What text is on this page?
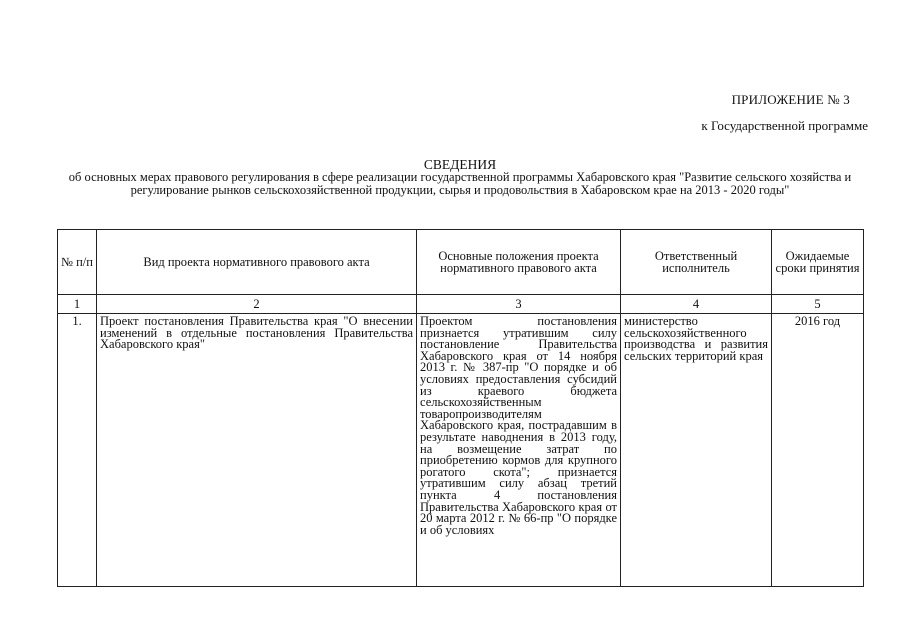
ПРИЛОЖЕНИЕ № 3
к Государственной программе
СВЕДЕНИЯ
об основных мерах правового регулирования в сфере реализации государственной программы Хабаровского края "Развитие сельского хозяйства и регулирование рынков сельскохозяйственной продукции, сырья и продовольствия в Хабаровском крае на 2013 - 2020 годы"
№ п/п	Вид проекта нормативного правового акта	Основные положения проекта нормативного правового акта	Ответственный исполнитель	Ожидаемые сроки принятия
1	2	3	4	5
1.	Проект постановления Правительства края "О внесении изменений в отдельные постановления Правительства Хабаровского края"	Проектом постановления признается утратившим силу постановление Правительства Хабаровского края от 14 ноября 2013 г. № 387-пр "О порядке и об условиях предоставления субсидий из краевого бюджета сельскохозяйственным товаропроизводителям Хабаровского края, пострадавшим в результате наводнения в 2013 году, на возмещение затрат по приобретению кормов для крупного рогатого скота"; признается утратившим силу абзац третий пункта 4 постановления Правительства Хабаровского края от 20 марта 2012 г. № 66-пр "О порядке и об условиях	министерство сельскохозяйственного производства и развития сельских территорий края	2016 год
